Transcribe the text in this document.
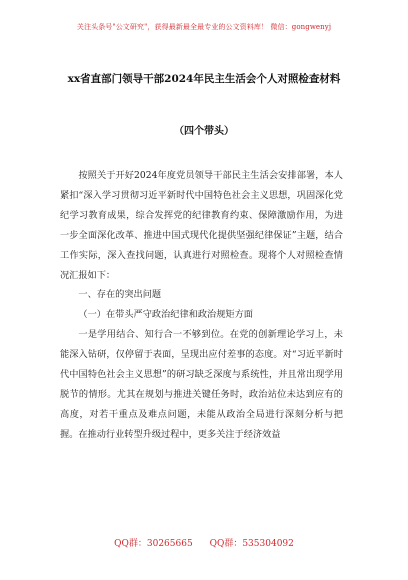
关注头条号"公文研究"，获得最新最全最专业的公文资料库！ 微信：gongwenyj
xx省直部门领导干部2024年民主生活会个人对照检查材料
（四个带头）

按照关于开好2024年度党员领导干部民主生活会安排部署，本人紧扣“深入学习贯彻习近平新时代中国特色社会主义思想，巩固深化党纪学习教育成果，综合发挥党的纪律教育约束、保障激励作用，为进一步全面深化改革、推进中国式现代化提供坚强纪律保证”主题，结合工作实际，深入查找问题，认真进行对照检查。现将个人对照检查情况汇报如下：

一、存在的突出问题

（一）在带头严守政治纪律和政治规矩方面

一是学用结合、知行合一不够到位。在党的创新理论学习上，未能深入钻研，仅停留于表面，呈现出应付差事的态度。对“习近平新时代中国特色社会主义思想”的研习缺乏深度与系统性，并且常出现学用脱节的情形。尤其在规划与推进关键任务时，政治站位未达到应有的高度，对若干重点及难点问题，未能从政治全局进行深刻分析与把握。在推动行业转型升级过程中，更多关注于经济效益

QQ群：30265665 QQ群：535304092
